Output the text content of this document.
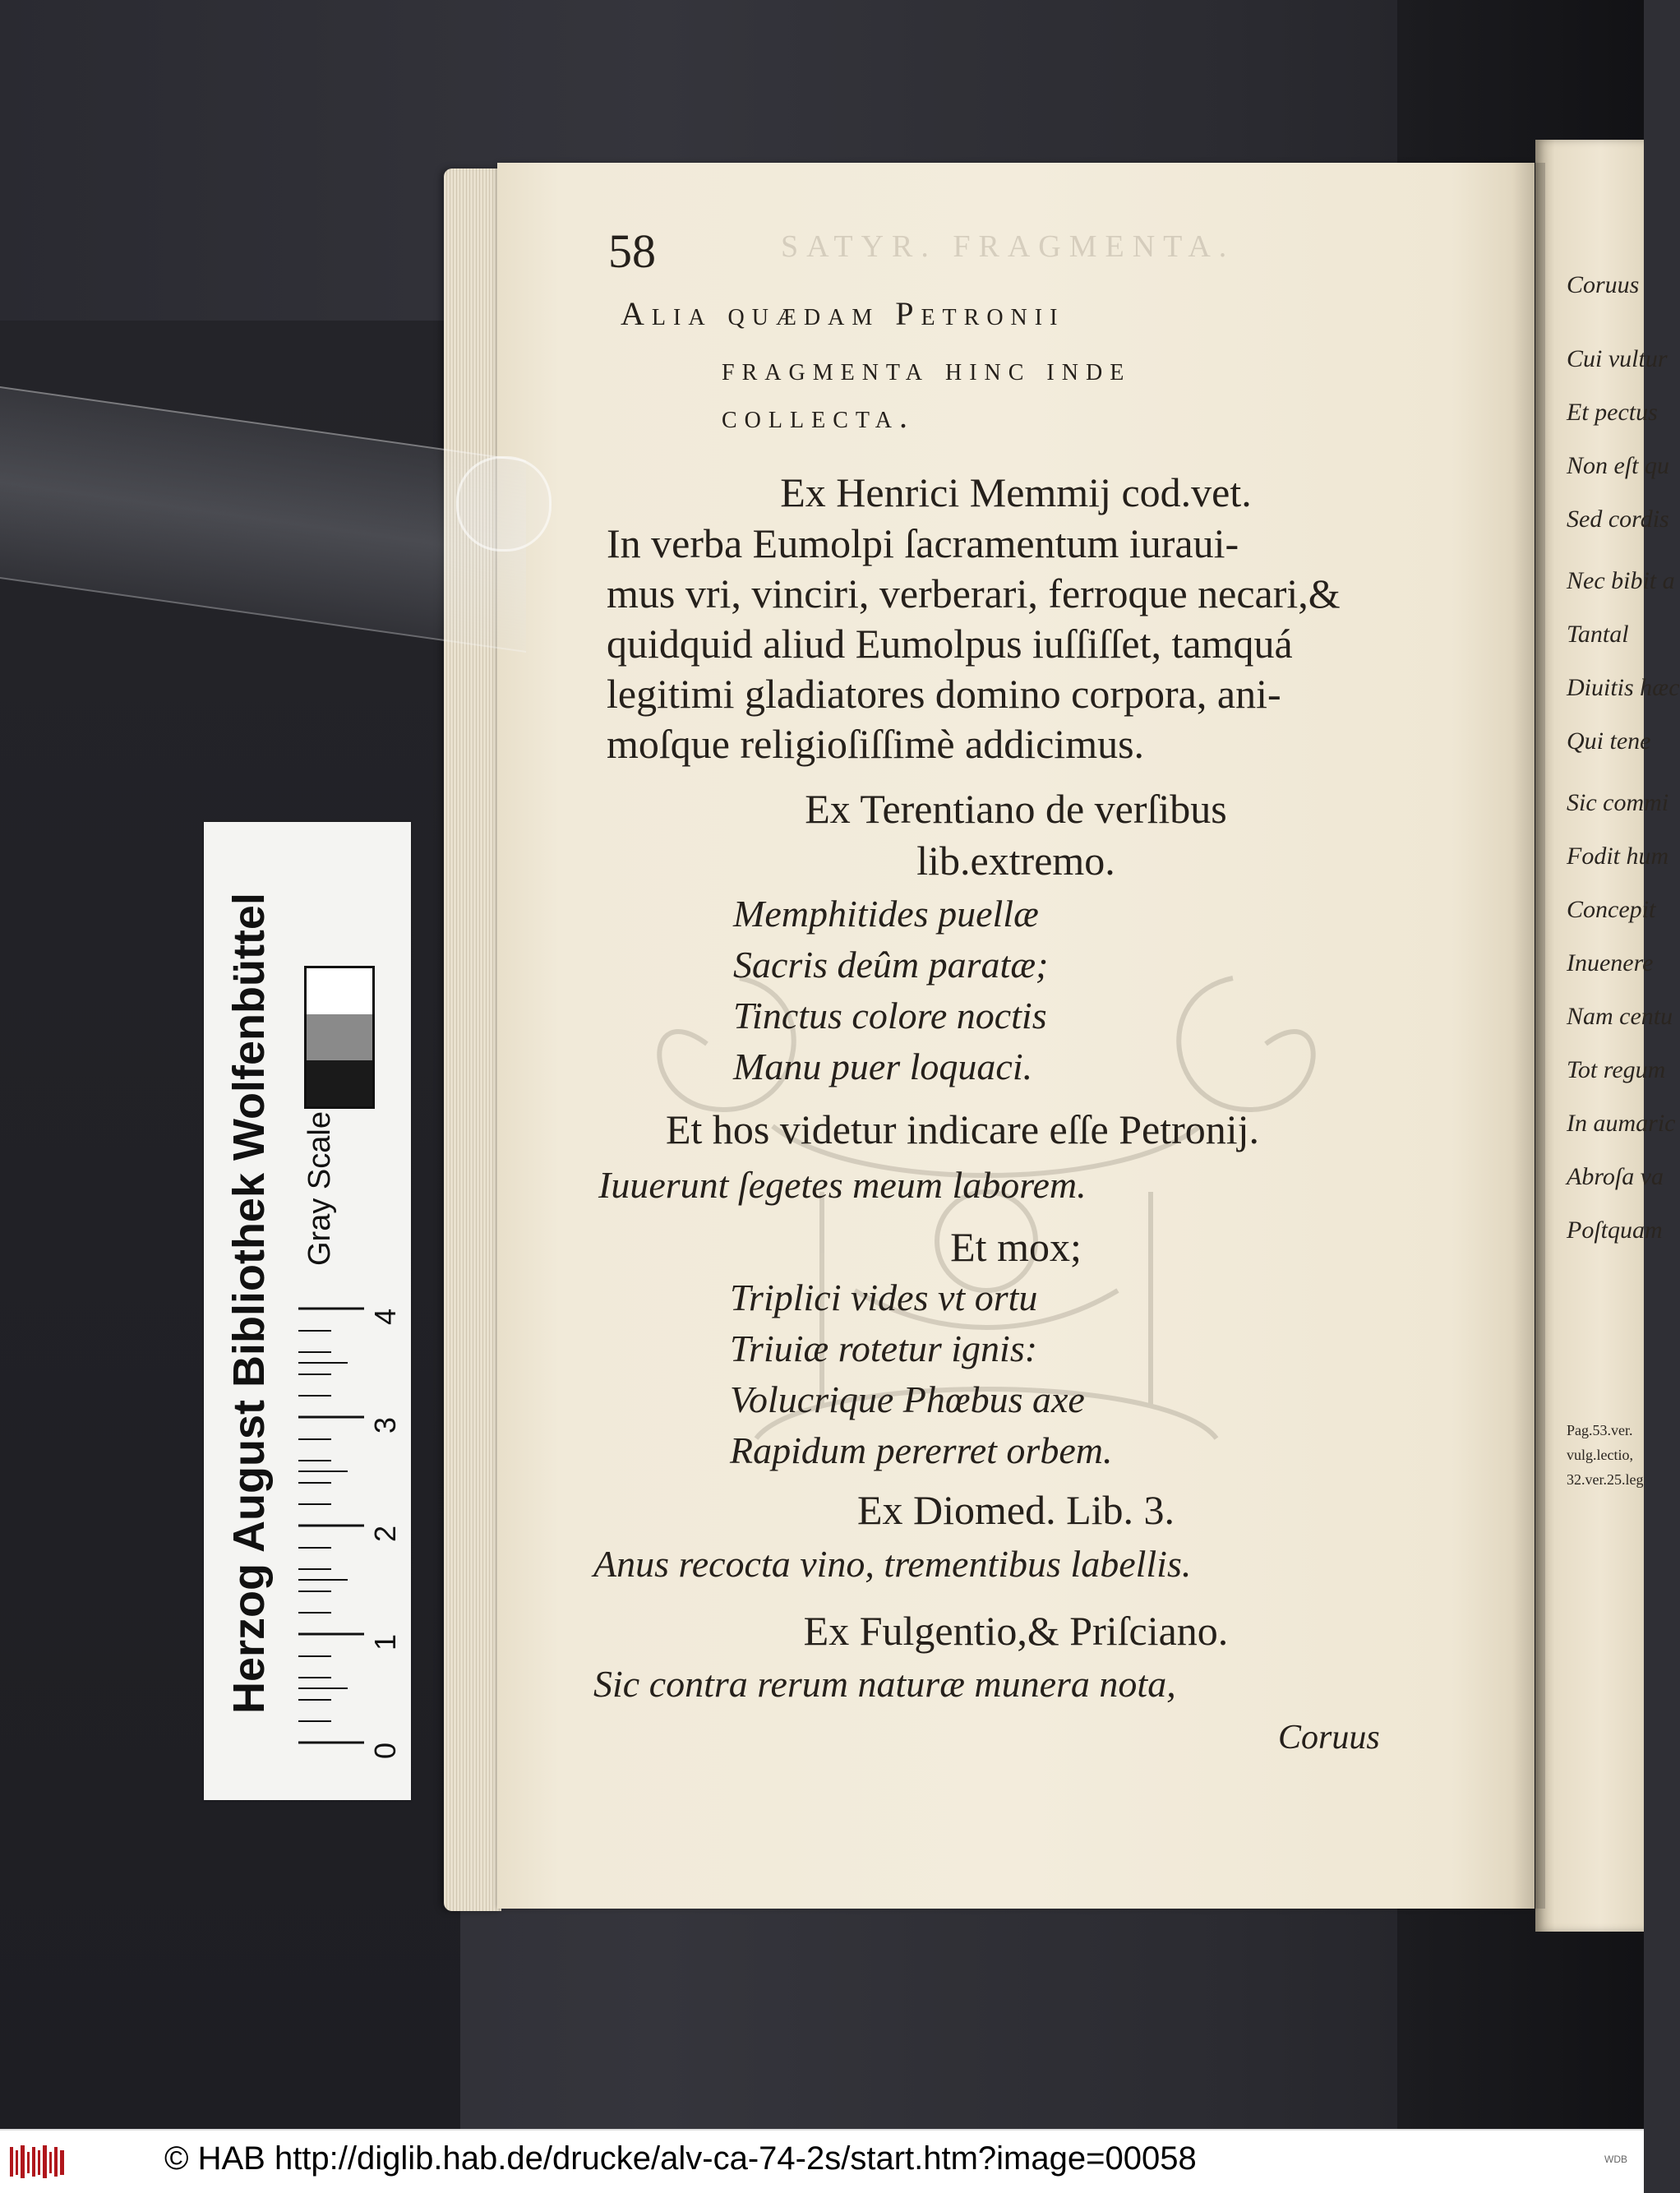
Coruus
Cui vultur
Et pectus
Non eſt qu
Sed cordis
Nec bibit a
Tantal
Diuitis hæc
Qui tene
Sic commi
Fodit hum
Concepit
Inuenere
Nam centu
Tot regum
In aumaric
Abroſa va
Poſtquam
Pag.53.ver.
vulg.lectio,
32.ver.25.leg
58	SATYR. FRAGMENTA.
Alia quædam Petronii
fragmenta hinc inde
collecta.
Ex Henrici Memmij cod.vet.
In verba Eumolpi ſacramentum iuraui-
mus vri, vinciri, verberari, ferroque necari,&
quidquid aliud Eumolpus iuſſiſſet, tamquá
legitimi gladiatores domino corpora, ani-
moſque religioſiſſimè addicimus.
Ex Terentiano de verſibus
lib.extremo.
Memphitides puellæ
Sacris deûm paratæ;
Tinctus colore noctis
Manu puer loquaci.
Et hos videtur indicare eſſe Petronij.
Iuuerunt ſegetes meum laborem.
Et mox;
Triplici vides vt ortu
Triuiæ rotetur ignis:
Volucrique Phœbus axe
Rapidum pererret orbem.
Ex Diomed. Lib. 3.
Anus recocta vino, trementibus labellis.
Ex Fulgentio,& Priſciano.
Sic contra rerum naturæ munera nota,
Coruus
Herzog August Bibliothek Wolfenbüttel Gray Scale
0
1
2
3
4
© HAB http://diglib.hab.de/drucke/alv-ca-74-2s/start.htm?image=00058	WDB
